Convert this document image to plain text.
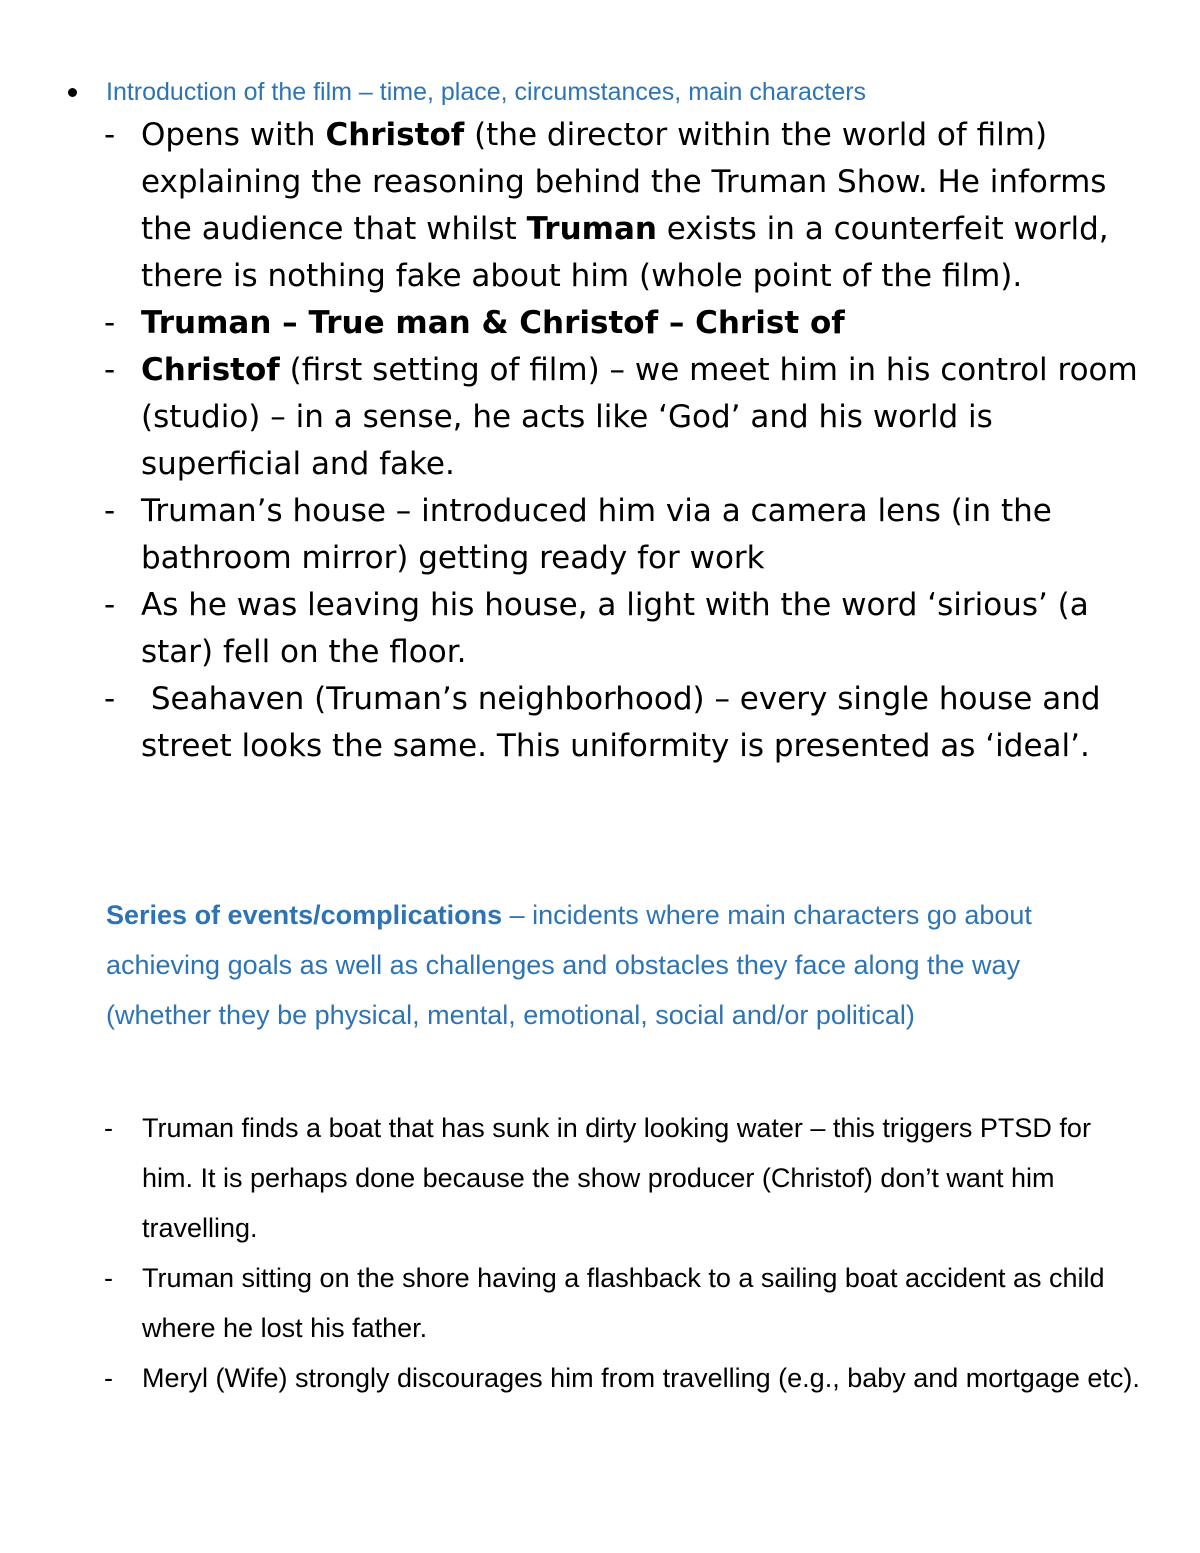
Introduction of the film – time, place, circumstances, main characters
- Opens with Christof (the director within the world of film) explaining the reasoning behind the Truman Show. He informs the audience that whilst Truman exists in a counterfeit world, there is nothing fake about him (whole point of the film).
- Truman – True man & Christof – Christ of
- Christof (first setting of film) – we meet him in his control room (studio) – in a sense, he acts like ‘God’ and his world is superficial and fake.
- Truman’s house – introduced him via a camera lens (in the bathroom mirror) getting ready for work
- As he was leaving his house, a light with the word ‘sirious’ (a star) fell on the floor.
- Seahaven (Truman’s neighborhood) – every single house and street looks the same. This uniformity is presented as ‘ideal’.

Series of events/complications – incidents where main characters go about achieving goals as well as challenges and obstacles they face along the way (whether they be physical, mental, emotional, social and/or political)

- Truman finds a boat that has sunk in dirty looking water – this triggers PTSD for him. It is perhaps done because the show producer (Christof) don’t want him travelling.
- Truman sitting on the shore having a flashback to a sailing boat accident as child where he lost his father.
- Meryl (Wife) strongly discourages him from travelling (e.g., baby and mortgage etc).
